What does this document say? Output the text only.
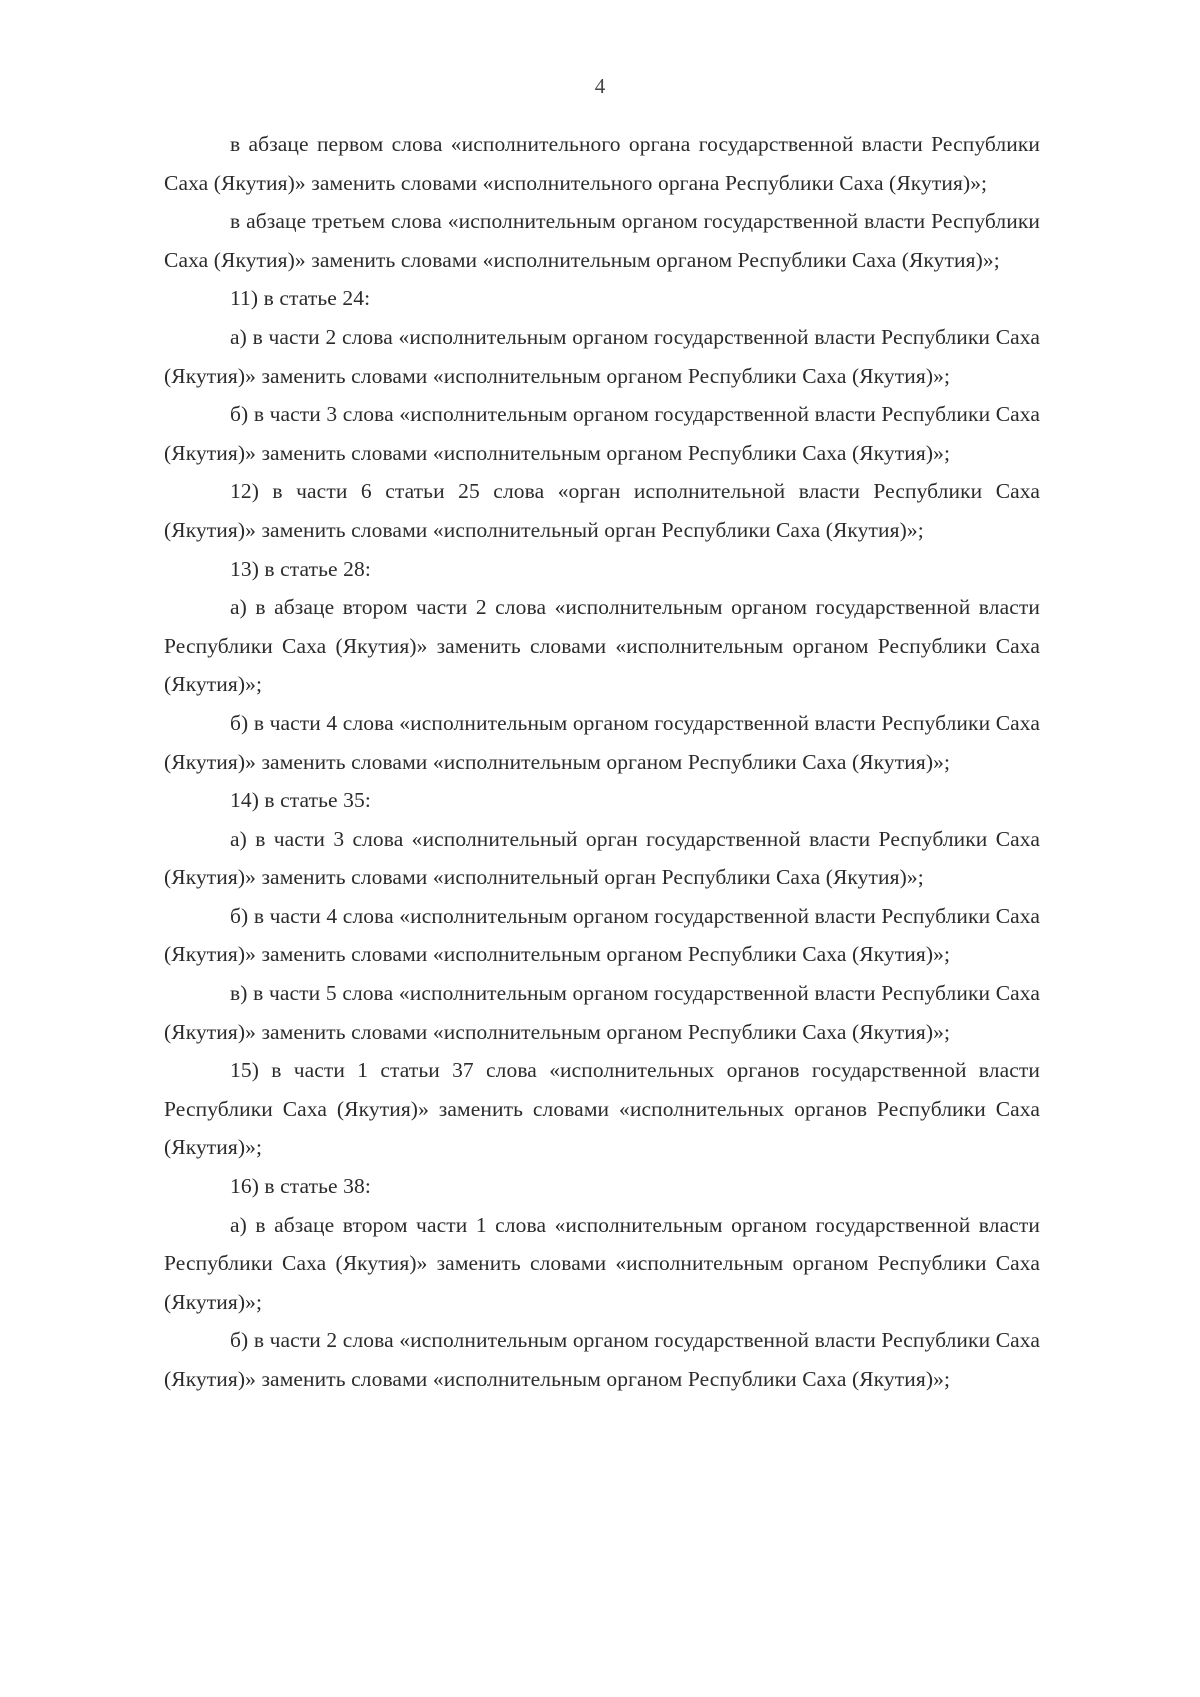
4

в абзаце первом слова «исполнительного органа государственной власти Республики Саха (Якутия)» заменить словами «исполнительного органа Республики Саха (Якутия)»;

в абзаце третьем слова «исполнительным органом государственной власти Республики Саха (Якутия)» заменить словами «исполнительным органом Республики Саха (Якутия)»;

11) в статье 24:

а) в части 2 слова «исполнительным органом государственной власти Республики Саха (Якутия)» заменить словами «исполнительным органом Республики Саха (Якутия)»;

б) в части 3 слова «исполнительным органом государственной власти Республики Саха (Якутия)» заменить словами «исполнительным органом Республики Саха (Якутия)»;

12) в части 6 статьи 25 слова «орган исполнительной власти Республики Саха (Якутия)» заменить словами «исполнительный орган Республики Саха (Якутия)»;

13) в статье 28:

а) в абзаце втором части 2 слова «исполнительным органом государственной власти Республики Саха (Якутия)» заменить словами «исполнительным органом Республики Саха (Якутия)»;

б) в части 4 слова «исполнительным органом государственной власти Республики Саха (Якутия)» заменить словами «исполнительным органом Республики Саха (Якутия)»;

14) в статье 35:

а) в части 3 слова «исполнительный орган государственной власти Республики Саха (Якутия)» заменить словами «исполнительный орган Республики Саха (Якутия)»;

б) в части 4 слова «исполнительным органом государственной власти Республики Саха (Якутия)» заменить словами «исполнительным органом Республики Саха (Якутия)»;

в) в части 5 слова «исполнительным органом государственной власти Республики Саха (Якутия)» заменить словами «исполнительным органом Республики Саха (Якутия)»;

15) в части 1 статьи 37 слова «исполнительных органов государственной власти Республики Саха (Якутия)» заменить словами «исполнительных органов Республики Саха (Якутия)»;

16) в статье 38:

а) в абзаце втором части 1 слова «исполнительным органом государственной власти Республики Саха (Якутия)» заменить словами «исполнительным органом Республики Саха (Якутия)»;

б) в части 2 слова «исполнительным органом государственной власти Республики Саха (Якутия)» заменить словами «исполнительным органом Республики Саха (Якутия)»;
